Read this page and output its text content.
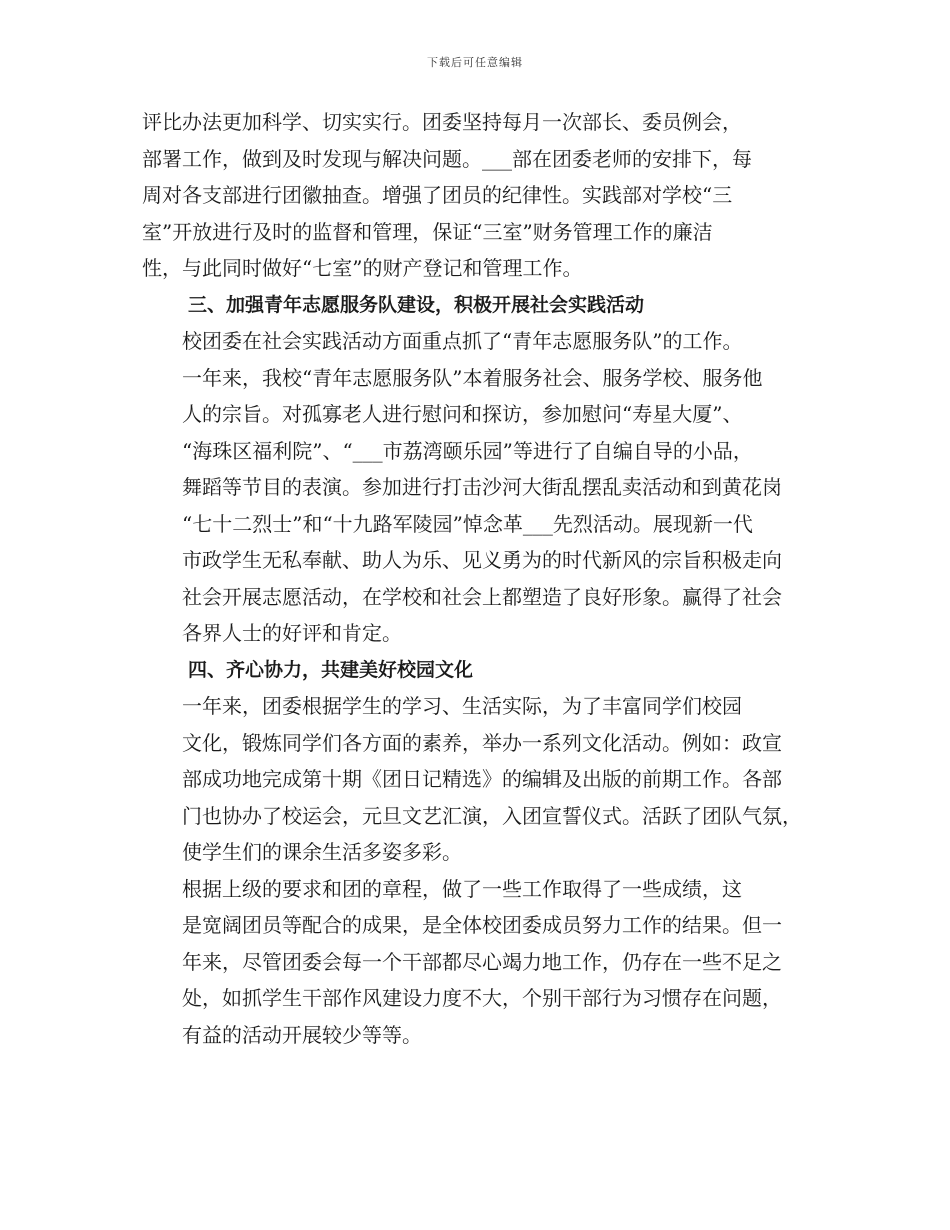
下载后可任意编辑

评比办法更加科学、切实实行。团委坚持每月一次部长、委员例会，
部署工作，做到及时发现与解决问题。___部在团委老师的安排下，每
周对各支部进行团徽抽查。增强了团员的纪律性。实践部对学校“三
室”开放进行及时的监督和管理，保证“三室”财务管理工作的廉洁
性，与此同时做好“七室”的财产登记和管理工作。

三、加强青年志愿服务队建设，积极开展社会实践活动

校团委在社会实践活动方面重点抓了“青年志愿服务队”的工作。
一年来，我校“青年志愿服务队”本着服务社会、服务学校、服务他
人的宗旨。对孤寡老人进行慰问和探访，参加慰问“寿星大厦”、
“海珠区福利院”、“___市荔湾颐乐园”等进行了自编自导的小品，
舞蹈等节目的表演。参加进行打击沙河大街乱摆乱卖活动和到黄花岗
“七十二烈士”和“十九路军陵园”悼念革___先烈活动。展现新一代
市政学生无私奉献、助人为乐、见义勇为的时代新风的宗旨积极走向
社会开展志愿活动，在学校和社会上都塑造了良好形象。赢得了社会
各界人士的好评和肯定。

四、齐心协力，共建美好校园文化

一年来，团委根据学生的学习、生活实际，为了丰富同学们校园
文化，锻炼同学们各方面的素养，举办一系列文化活动。例如：政宣
部成功地完成第十期《团日记精选》的编辑及出版的前期工作。各部
门也协办了校运会，元旦文艺汇演，入团宣誓仪式。活跃了团队气氛，
使学生们的课余生活多姿多彩。

根据上级的要求和团的章程，做了一些工作取得了一些成绩，这
是宽阔团员等配合的成果，是全体校团委成员努力工作的结果。但一
年来，尽管团委会每一个干部都尽心竭力地工作，仍存在一些不足之
处，如抓学生干部作风建设力度不大，个别干部行为习惯存在问题，
有益的活动开展较少等等。
